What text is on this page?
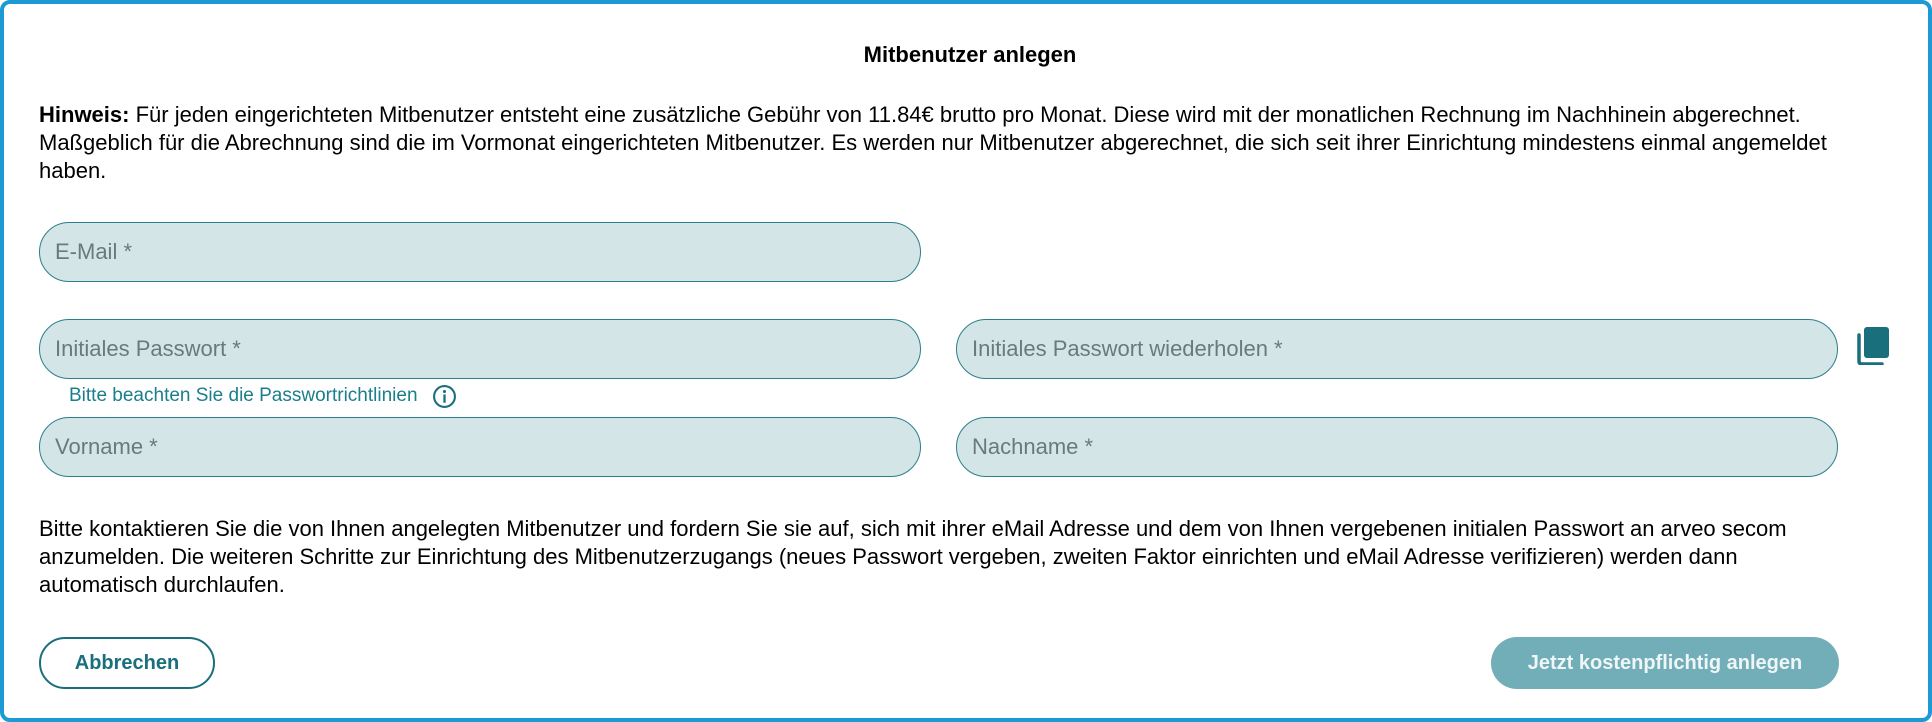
Mitbenutzer anlegen
Hinweis: Für jeden eingerichteten Mitbenutzer entsteht eine zusätzliche Gebühr von 11.84€ brutto pro Monat. Diese wird mit der monatlichen Rechnung im Nachhinein abgerechnet. Maßgeblich für die Abrechnung sind die im Vormonat eingerichteten Mitbenutzer. Es werden nur Mitbenutzer abgerechnet, die sich seit ihrer Einrichtung mindestens einmal angemeldet haben.
E-Mail *
Bitte beachten Sie die Passwortrichtlinien
Vorname *
Nachname *
Bitte kontaktieren Sie die von Ihnen angelegten Mitbenutzer und fordern Sie sie auf, sich mit ihrer eMail Adresse und dem von Ihnen vergebenen initialen Passwort an arveo secom anzumelden. Die weiteren Schritte zur Einrichtung des Mitbenutzerzugangs (neues Passwort vergeben, zweiten Faktor einrichten und eMail Adresse verifizieren) werden dann automatisch durchlaufen.
Abbrechen	Jetzt kostenpflichtig anlegen
